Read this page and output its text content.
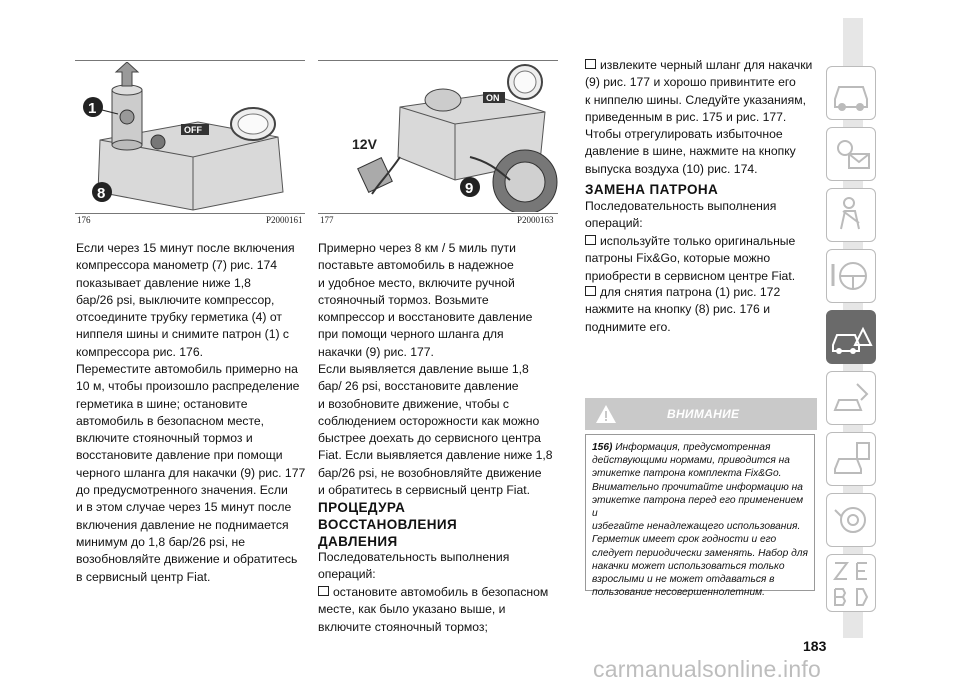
OFF
1
8
176	P2000161
ON
12V
9
177	P2000163
Если через 15 минут после включения
компрессора манометр (7) рис. 174
показывает давление ниже 1,8
бар/26 psi, выключите компрессор,
отсоедините трубку герметика (4) от
ниппеля шины и снимите патрон (1) с
компрессора рис. 176.
Переместите автомобиль примерно на
10 м, чтобы произошло распределение
герметика в шине; остановите
автомобиль в безопасном месте,
включите стояночный тормоз и
восстановите давление при помощи
черного шланга для накачки (9) рис. 177
до предусмотренного значения. Если
и в этом случае через 15 минут после
включения давление не поднимается
минимум до 1,8 бар/26 psi, не
возобновляйте движение и обратитесь
в сервисный центр Fiat.
Примерно через 8 км / 5 миль пути
поставьте автомобиль в надежное
и удобное место, включите ручной
стояночный тормоз. Возьмите
компрессор и восстановите давление
при помощи черного шланга для
накачки (9) рис. 177.
Если выявляется давление выше 1,8
бар/ 26 psi, восстановите давление
и возобновите движение, чтобы с
соблюдением осторожности как можно
быстрее доехать до сервисного центра
Fiat. Если выявляется давление ниже 1,8
бар/26 psi, не возобновляйте движение
и обратитесь в сервисный центр Fiat.
ПРОЦЕДУРА
ВОССТАНОВЛЕНИЯ
ДАВЛЕНИЯ
Последовательность выполнения
операций:
остановите автомобиль в безопасном
месте, как было указано выше, и
включите стояночный тормоз;
извлеките черный шланг для накачки
(9) рис. 177 и хорошо привинтите его
к ниппелю шины. Следуйте указаниям,
приведенным в рис. 175 и рис. 177.
Чтобы отрегулировать избыточное
давление в шине, нажмите на кнопку
выпуска воздуха (10) рис. 174.
ЗАМЕНА ПАТРОНА
Последовательность выполнения
операций:
используйте только оригинальные
патроны Fix&Go, которые можно
приобрести в сервисном центре Fiat.
для снятия патрона (1) рис. 172
нажмите на кнопку (8) рис. 176 и
поднимите его.
ВНИМАНИЕ
156) Информация, предусмотренная
действующими нормами, приводится на
этикетке патрона комплекта Fix&Go.
Внимательно прочитайте информацию на
этикетке патрона перед его применением и
избегайте ненадлежащего использования.
Герметик имеет срок годности и его
следует периодически заменять. Набор для
накачки может использоваться только
взрослыми и не может отдаваться в
пользование несовершеннолетним.
183
carmanualsonline.info
